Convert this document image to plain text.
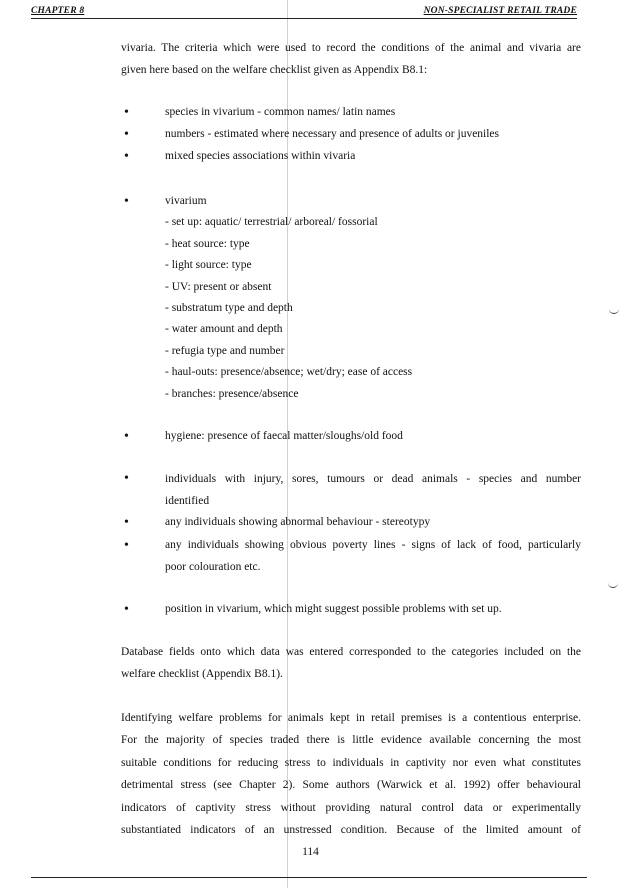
CHAPTER 8	NON-SPECIALIST RETAIL TRADE
vivaria. The criteria which were used to record the conditions of the animal and vivaria are
given here based on the welfare checklist given as Appendix B8.1:
•	species in vivarium - common names/ latin names
•	numbers - estimated where necessary and presence of adults or juveniles
•	mixed species associations within vivaria
•	vivarium
- set up: aquatic/ terrestrial/ arboreal/ fossorial
- heat source: type
- light source: type
- UV: present or absent
- substratum type and depth
- water amount and depth
- refugia type and number
- haul-outs: presence/absence; wet/dry; ease of access
- branches: presence/absence
•	hygiene: presence of faecal matter/sloughs/old food
•	individuals with injury, sores, tumours or dead animals - species and number
identified
•	any individuals showing abnormal behaviour - stereotypy
•	any individuals showing obvious poverty lines - signs of lack of food, particularly
poor colouration etc.
•	position in vivarium, which might suggest possible problems with set up.
Database fields onto which data was entered corresponded to the categories included on the
welfare checklist (Appendix B8.1).
Identifying welfare problems for animals kept in retail premises is a contentious enterprise.
For the majority of species traded there is little evidence available concerning the most
suitable conditions for reducing stress to individuals in captivity nor even what constitutes
detrimental stress (see Chapter 2). Some authors (Warwick et al. 1992) offer behavioural
indicators of captivity stress without providing natural control data or experimentally
substantiated indicators of an unstressed condition. Because of the limited amount of
114
